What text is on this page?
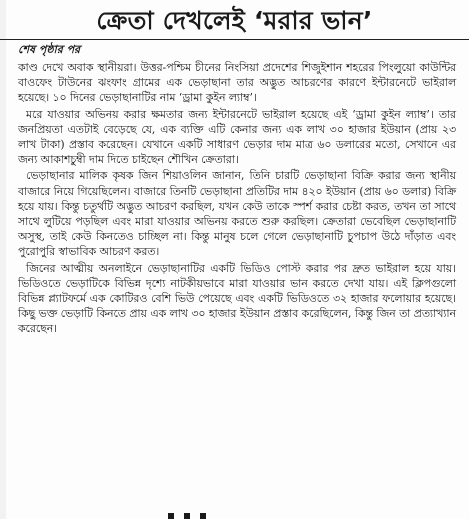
ক্রেতা দেখলেই ‘মরার ভান’
শেষ পৃষ্ঠার পর

কাণ্ড দেখে অবাক স্থানীয়রা। উত্তর-পশ্চিম চীনের নিংসিয়া প্রদেশের শিজুইশান শহরের পিংলুয়ো কাউন্টির বাওফেং টাউনের ঝংফাং গ্রামের এক ভেড়াছানা তার অদ্ভুত আচরণের কারণে ইন্টারনেটে ভাইরাল হয়েছে। ১০ দিনের ভেড়াছানাটির নাম ‘ড্রামা কুইন ল্যাম্ব’।

মরে যাওয়ার অভিনয় করার ক্ষমতার জন্য ইন্টারনেটে ভাইরাল হয়েছে এই ‘ড্রামা কুইন ল্যাম্ব’। তার জনপ্রিয়তা এতটাই বেড়েছে যে, এক ব্যক্তি এটি কেনার জন্য এক লাখ ৩০ হাজার ইউয়ান (প্রায় ২৩ লাখ টাকা) প্রস্তাব করেছেন। যেখানে একটি সাধারণ ভেড়ার দাম মাত্র ৬০ ডলারের মতো, সেখানে এর জন্য আকাশচুম্বী দাম দিতে চাইছেন শৌখিন ক্রেতারা।

ভেড়াছানার মালিক কৃষক জিন শিয়াওলিন জানান, তিনি চারটি ভেড়াছানা বিক্রি করার জন্য স্থানীয় বাজারে নিয়ে গিয়েছিলেন। বাজারে তিনটি ভেড়াছানা প্রতিটির দাম ৪২০ ইউয়ান (প্রায় ৬০ ডলার) বিক্রি হয়ে যায়। কিন্তু চতুর্থটি অদ্ভুত আচরণ করছিল, যখন কেউ তাকে স্পর্শ করার চেষ্টা করত, তখন তা সাথে সাথে লুটিয়ে পড়ছিল এবং মারা যাওয়ার অভিনয় করতে শুরু করছিল। ক্রেতারা ভেবেছিল ভেড়াছানাটি অসুস্থ, তাই কেউ কিনতেও চাচ্ছিল না। কিন্তু মানুষ চলে গেলে ভেড়াছানাটি চুপচাপ উঠে দাঁড়াত এবং পুরোপুরি স্বাভাবিক আচরণ করত।

জিনের আত্মীয় অনলাইনে ভেড়াছানাটির একটি ভিডিও পোস্ট করার পর দ্রুত ভাইরাল হয়ে যায়। ভিডিওতে ভেড়াটিকে বিভিন্ন দৃশ্যে নাটকীয়ভাবে মারা যাওয়ার ভান করতে দেখা যায়। এই ক্লিপগুলো বিভিন্ন প্ল্যাটফর্মে এক কোটিরও বেশি ভিউ পেয়েছে এবং একটি ভিডিওতে ৩২ হাজার ফলোয়ার হয়েছে। কিছু ভক্ত ভেড়াটি কিনতে প্রায় এক লাখ ৩০ হাজার ইউয়ান প্রস্তাব করেছিলেন, কিন্তু জিন তা প্রত্যাখ্যান করেছেন।
